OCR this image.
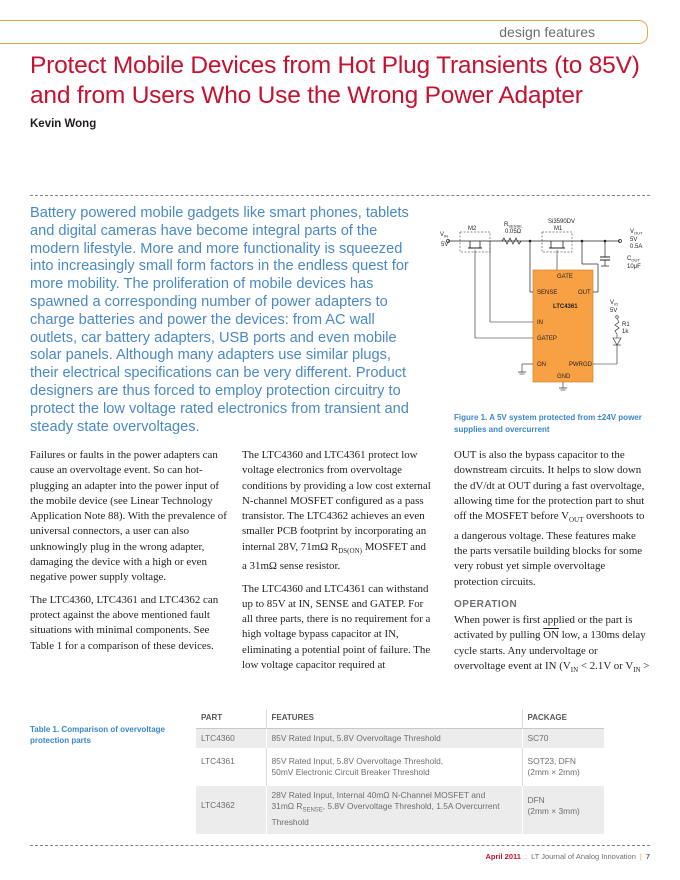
design features
Protect Mobile Devices from Hot Plug Transients (to 85V) and from Users Who Use the Wrong Power Adapter
Kevin Wong
Battery powered mobile gadgets like smart phones, tablets and digital cameras have become integral parts of the modern lifestyle. More and more functionality is squeezed into increasingly small form factors in the endless quest for more mobility. The proliferation of mobile devices has spawned a corresponding number of power adapters to charge batteries and power the devices: from AC wall outlets, car battery adapters, USB ports and even mobile solar panels. Although many adapters use similar plugs, their electrical specifications can be very different. Product designers are thus forced to employ protection circuitry to protect the low voltage rated electronics from transient and steady state overvoltages.
$V_{IN}$
5V
M2
$R_{SENSE}$
0.05Ω
Si3590DV
M1	$V_{OUT}$
5V
0.5A
$C_{OUT}$
10μF
GATE
SENSE	OUT
LTC4361
IN
GATEP
ON	PWRGD
GND
$V_{IO}$
5V
R1
1k
Figure 1. A 5V system protected from ±24V power supplies and overcurrent

Failures or faults in the power adapters can cause an overvoltage event. So can hot-plugging an adapter into the power input of the mobile device (see Linear Technology Application Note 88). With the prevalence of universal connectors, a user can also unknowingly plug in the wrong adapter, damaging the device with a high or even negative power supply voltage.

The LTC4360, LTC4361 and LTC4362 can protect against the above mentioned fault situations with minimal components. See Table 1 for a comparison of these devices.

The LTC4360 and LTC4361 protect low voltage electronics from overvoltage conditions by providing a low cost external N-channel MOSFET configured as a pass transistor. The LTC4362 achieves an even smaller PCB footprint by incorporating an internal 28V, 71mΩ $R_{DS(ON)}$ MOSFET and a 31mΩ sense resistor.

The LTC4360 and LTC4361 can withstand up to 85V at IN, SENSE and GATEP. For all three parts, there is no requirement for a high voltage bypass capacitor at IN, eliminating a potential point of failure. The low voltage capacitor required at

OUT is also the bypass capacitor to the downstream circuits. It helps to slow down the dV/dt at OUT during a fast overvoltage, allowing time for the protection part to shut off the MOSFET before $V_{OUT}$ overshoots to a dangerous voltage. These features make the parts versatile building blocks for some very robust yet simple overvoltage protection circuits.

OPERATION

When power is first applied or the part is activated by pulling $\overline{ON}$ low, a 130ms delay cycle starts. Any undervoltage or overvoltage event at IN ($V_{IN} < 2.1V$ or $V_{IN}$ >

Table 1. Comparison of overvoltage protection parts
PART	FEATURES	PACKAGE
LTC4360	85V Rated Input, 5.8V Overvoltage Threshold	SC70
LTC4361	85V Rated Input, 5.8V Overvoltage Threshold,
50mV Electronic Circuit Breaker Threshold	SOT23, DFN
(2mm × 2mm)
LTC4362	28V Rated Input, Internal 40mΩ N-Channel MOSFET and
31mΩ $R_{SENSE}$, 5.8V Overvoltage Threshold, 1.5A Overcurrent
Threshold	DFN
(2mm × 3mm)
April 2011 : LT Journal of Analog Innovation | 7
